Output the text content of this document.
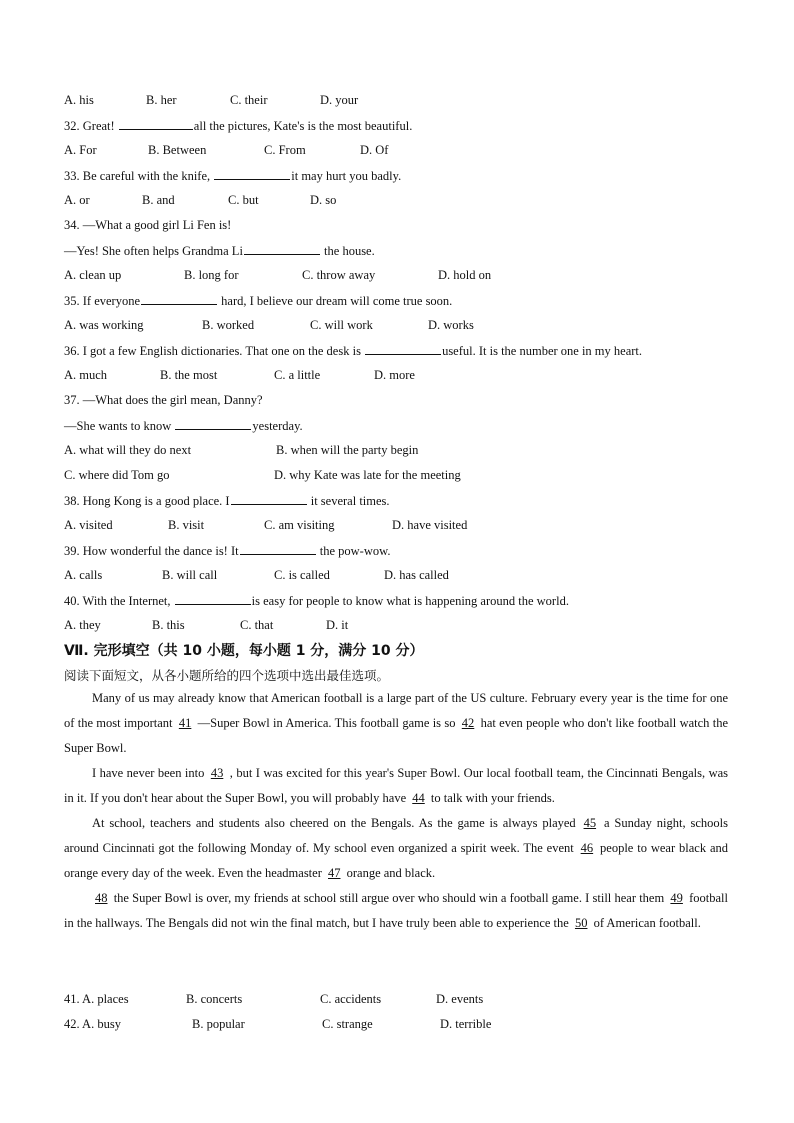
A. his	B. her	C. their	D. your
32. Great!	all the pictures, Kate's is the most beautiful.
A. For	B. Between	C. From	D. Of
33. Be careful with the knife,	it may hurt you badly.
A. or	B. and	C. but	D. so
34. —What a good girl Li Fen is!
—Yes! She often helps Grandma Li	the house.
A. clean up	B. long for	C. throw away	D. hold on
35. If everyone	hard, I believe our dream will come true soon.
A. was working	B. worked	C. will work	D. works
36. I got a few English dictionaries. That one on the desk is	useful. It is the number one in my heart.
A. much	B. the most	C. a little	D. more
37. —What does the girl mean, Danny?
—She wants to know	yesterday.
A. what will they do next	B. when will the party begin
C. where did Tom go	D. why Kate was late for the meeting
38. Hong Kong is a good place. I	it several times.
A. visited	B. visit	C. am visiting	D. have visited
39. How wonderful the dance is! It	the pow-wow.
A. calls	B. will call	C. is called	D. has called
40. With the Internet,	is easy for people to know what is happening around the world.
A. they	B. this	C. that	D. it
Ⅶ. 完形填空（共 10 小题，每小题 1 分，满分 10 分）
阅读下面短文，从各小题所给的四个选项中选出最佳选项。

Many of us may already know that American football is a large part of the US culture. February every year is the time for one of the most important 41 —Super Bowl in America. This football game is so 42 hat even people who don't like football watch the Super Bowl.

I have never been into 43 , but I was excited for this year's Super Bowl. Our local football team, the Cincinnati Bengals, was in it. If you don't hear about the Super Bowl, you will probably have 44 to talk with your friends.

At school, teachers and students also cheered on the Bengals. As the game is always played 45 a Sunday night, schools around Cincinnati got the following Monday of. My school even organized a spirit week. The event 46 people to wear black and orange every day of the week. Even the headmaster 47 orange and black.

48 the Super Bowl is over, my friends at school still argue over who should win a football game. I still hear them 49 football in the hallways. The Bengals did not win the final match, but I have truly been able to experience the 50 of American football.

41. A. places	B. concerts	C. accidents	D. events
42. A. busy	B. popular	C. strange	D. terrible
